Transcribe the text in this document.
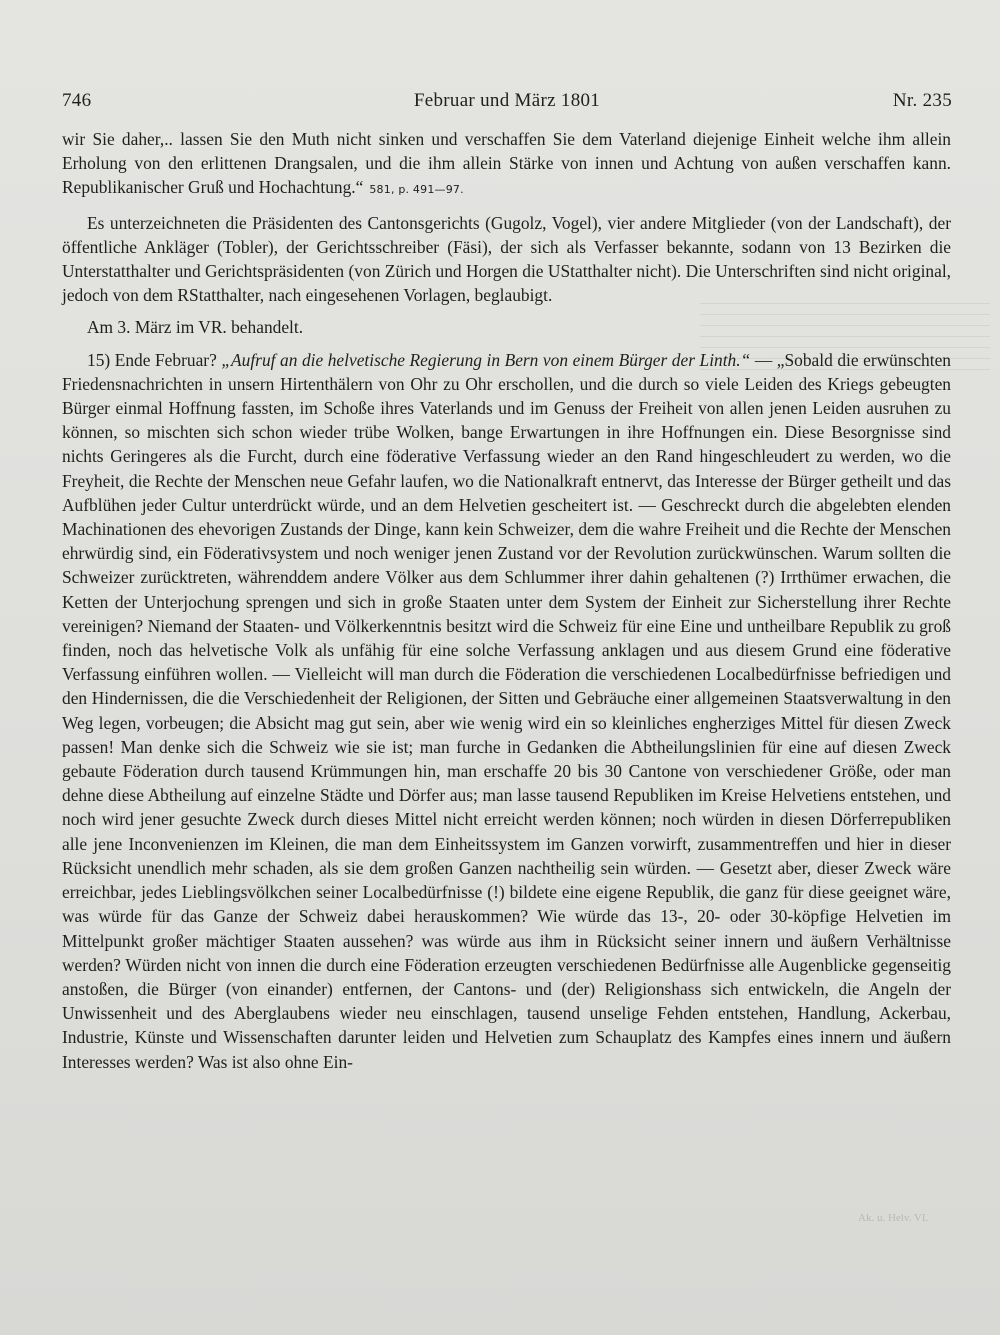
746	Februar und März 1801	Nr. 235

wir Sie daher,.. lassen Sie den Muth nicht sinken und verschaffen Sie dem Vaterland diejenige Einheit welche ihm allein Erholung von den erlittenen Drangsalen, und die ihm allein Stärke von innen und Achtung von außen verschaffen kann. Republikanischer Gruß und Hochachtung.“ 581, p. 491—97.

Es unterzeichneten die Präsidenten des Cantonsgerichts (Gugolz, Vogel), vier andere Mitglieder (von der Landschaft), der öffentliche Ankläger (Tobler), der Gerichtsschreiber (Fäsi), der sich als Verfasser bekannte, sodann von 13 Bezirken die Unterstatthalter und Gerichtspräsidenten (von Zürich und Horgen die UStatthalter nicht). Die Unterschriften sind nicht original, jedoch von dem RStatthalter, nach eingesehenen Vorlagen, beglaubigt.

Am 3. März im VR. behandelt.

15) Ende Februar? „Aufruf an die helvetische Regierung in Bern von einem Bürger der Linth.“ — „Sobald die erwünschten Friedensnachrichten in unsern Hirtenthälern von Ohr zu Ohr erschollen, und die durch so viele Leiden des Kriegs gebeugten Bürger einmal Hoffnung fassten, im Schoße ihres Vaterlands und im Genuss der Freiheit von allen jenen Leiden ausruhen zu können, so mischten sich schon wieder trübe Wolken, bange Erwartungen in ihre Hoffnungen ein. Diese Besorgnisse sind nichts Geringeres als die Furcht, durch eine föderative Verfassung wieder an den Rand hingeschleudert zu werden, wo die Freyheit, die Rechte der Menschen neue Gefahr laufen, wo die Nationalkraft entnervt, das Interesse der Bürger getheilt und das Aufblühen jeder Cultur unterdrückt würde, und an dem Helvetien gescheitert ist. — Geschreckt durch die abgelebten elenden Machinationen des ehevorigen Zustands der Dinge, kann kein Schweizer, dem die wahre Freiheit und die Rechte der Menschen ehrwürdig sind, ein Föderativsystem und noch weniger jenen Zustand vor der Revolution zurückwünschen. Warum sollten die Schweizer zurücktreten, währenddem andere Völker aus dem Schlummer ihrer dahin gehaltenen (?) Irrthümer erwachen, die Ketten der Unterjochung sprengen und sich in große Staaten unter dem System der Einheit zur Sicherstellung ihrer Rechte vereinigen? Niemand der Staaten- und Völkerkenntnis besitzt wird die Schweiz für eine Eine und untheilbare Republik zu groß finden, noch das helvetische Volk als unfähig für eine solche Verfassung anklagen und aus diesem Grund eine föderative Verfassung einführen wollen. — Vielleicht will man durch die Föderation die verschiedenen Localbedürfnisse befriedigen und den Hindernissen, die die Verschiedenheit der Religionen, der Sitten und Gebräuche einer allgemeinen Staatsverwaltung in den Weg legen, vorbeugen; die Absicht mag gut sein, aber wie wenig wird ein so kleinliches engherziges Mittel für diesen Zweck passen! Man denke sich die Schweiz wie sie ist; man furche in Gedanken die Abtheilungslinien für eine auf diesen Zweck gebaute Föderation durch tausend Krümmungen hin, man erschaffe 20 bis 30 Cantone von verschiedener Größe, oder man dehne diese Abtheilung auf einzelne Städte und Dörfer aus; man lasse tausend Republiken im Kreise Helvetiens entstehen, und noch wird jener gesuchte Zweck durch dieses Mittel nicht erreicht werden können; noch würden in diesen Dörferrepubliken alle jene Inconvenienzen im Kleinen, die man dem Einheitssystem im Ganzen vorwirft, zusammentreffen und hier in dieser Rücksicht unendlich mehr schaden, als sie dem großen Ganzen nachtheilig sein würden. — Gesetzt aber, dieser Zweck wäre erreichbar, jedes Lieblingsvölkchen seiner Localbedürfnisse (!) bildete eine eigene Republik, die ganz für diese geeignet wäre, was würde für das Ganze der Schweiz dabei herauskommen? Wie würde das 13-, 20- oder 30-köpfige Helvetien im Mittelpunkt großer mächtiger Staaten aussehen? was würde aus ihm in Rücksicht seiner innern und äußern Verhältnisse werden? Würden nicht von innen die durch eine Föderation erzeugten verschiedenen Bedürfnisse alle Augenblicke gegenseitig anstoßen, die Bürger (von einander) entfernen, der Cantons- und (der) Religionshass sich entwickeln, die Angeln der Unwissenheit und des Aberglaubens wieder neu einschlagen, tausend unselige Fehden entstehen, Handlung, Ackerbau, Industrie, Künste und Wissenschaften darunter leiden und Helvetien zum Schauplatz des Kampfes eines innern und äußern Interesses werden? Was ist also ohne Ein-

Ak. u. Helv. VI.
